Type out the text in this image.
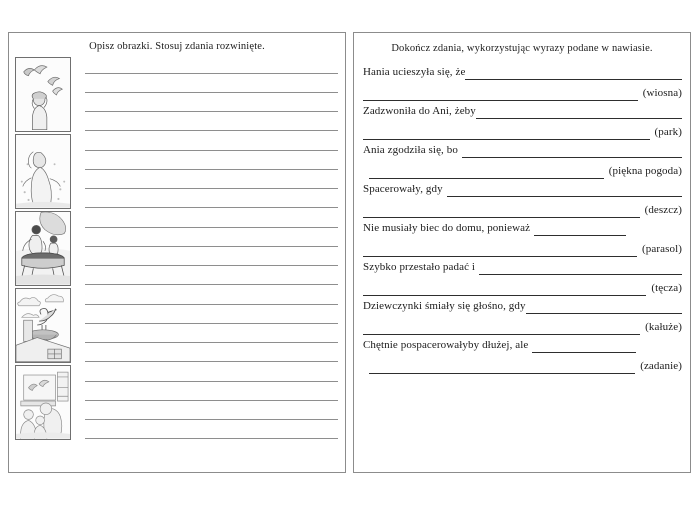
Opisz obrazki. Stosuj zdania rozwinięte.	Dokończ zdania, wykorzystując wyrazy podane w nawiasie.
Hania ucieszyła się, że
(wiosna)
Zadzwoniła do Ani, żeby
(park)
Ania zgodziła się, bo
(piękna pogoda)
Spacerowały, gdy
(deszcz)
Nie musiały biec do domu, ponieważ
(parasol)
Szybko przestało padać i
(tęcza)
Dziewczynki śmiały się głośno, gdy
(kałuże)
Chętnie pospacerowałyby dłużej, ale
(zadanie)
